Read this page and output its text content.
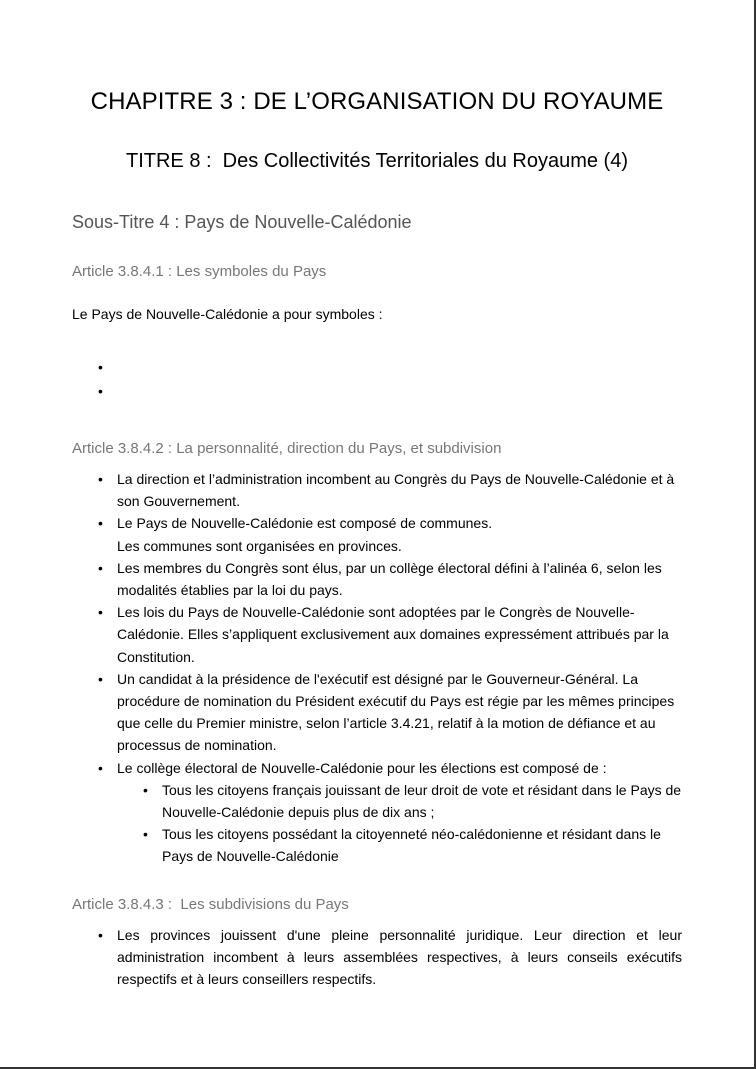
CHAPITRE 3 : DE L’ORGANISATION DU ROYAUME
TITRE 8 :  Des Collectivités Territoriales du Royaume (4)
Sous-Titre 4 : Pays de Nouvelle-Calédonie
Article 3.8.4.1 : Les symboles du Pays
Le Pays de Nouvelle-Calédonie a pour symboles :
•
•
Article 3.8.4.2 : La personnalité, direction du Pays, et subdivision
• La direction et l’administration incombent au Congrès du Pays de Nouvelle-Calédonie et à son Gouvernement.
• Le Pays de Nouvelle-Calédonie est composé de communes.
Les communes sont organisées en provinces.
• Les membres du Congrès sont élus, par un collège électoral défini à l’alinéa 6, selon les modalités établies par la loi du pays.
• Les lois du Pays de Nouvelle-Calédonie sont adoptées par le Congrès de Nouvelle-Calédonie. Elles s’appliquent exclusivement aux domaines expressément attribués par la Constitution.
• Un candidat à la présidence de l'exécutif est désigné par le Gouverneur-Général. La procédure de nomination du Président exécutif du Pays est régie par les mêmes principes que celle du Premier ministre, selon l’article 3.4.21, relatif à la motion de défiance et au processus de nomination.
• Le collège électoral de Nouvelle-Calédonie pour les élections est composé de :
• Tous les citoyens français jouissant de leur droit de vote et résidant dans le Pays de Nouvelle-Calédonie depuis plus de dix ans ;
• Tous les citoyens possédant la citoyenneté néo-calédonienne et résidant dans le Pays de Nouvelle-Calédonie
Article 3.8.4.3 :  Les subdivisions du Pays
• Les provinces jouissent d'une pleine personnalité juridique. Leur direction et leur administration incombent à leurs assemblées respectives, à leurs conseils exécutifs respectifs et à leurs conseillers respectifs.
